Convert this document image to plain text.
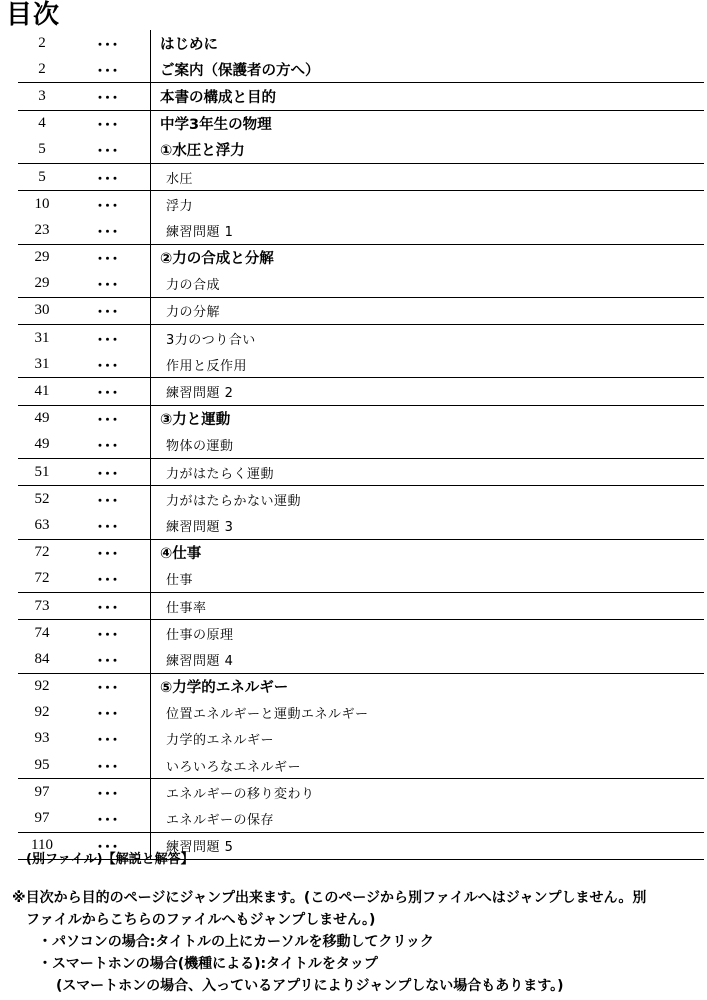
目次
2	･･･	はじめに
2	･･･	ご案内（保護者の方へ）
3	･･･	本書の構成と目的
4	･･･	中学3年生の物理
5	･･･	①水圧と浮力
5	･･･	水圧
10	･･･	浮力
23	･･･	練習問題 1
29	･･･	②力の合成と分解
29	･･･	力の合成
30	･･･	力の分解
31	･･･	3力のつり合い
31	･･･	作用と反作用
41	･･･	練習問題 2
49	･･･	③力と運動
49	･･･	物体の運動
51	･･･	力がはたらく運動
52	･･･	力がはたらかない運動
63	･･･	練習問題 3
72	･･･	④仕事
72	･･･	仕事
73	･･･	仕事率
74	･･･	仕事の原理
84	･･･	練習問題 4
92	･･･	⑤力学的エネルギー
92	･･･	位置エネルギーと運動エネルギー
93	･･･	力学的エネルギー
95	･･･	いろいろなエネルギー
97	･･･	エネルギーの移り変わり
97	･･･	エネルギーの保存
110	･･･	練習問題 5
(別ファイル)【解説と解答】
※目次から目的のページにジャンプ出来ます。(このページから別ファイルへはジャンプしません。別
ファイルからこちらのファイルへもジャンプしません。)
・パソコンの場合:タイトルの上にカーソルを移動してクリック
・スマートホンの場合(機種による):タイトルをタップ
(スマートホンの場合、入っているアプリによりジャンプしない場合もあります。)
